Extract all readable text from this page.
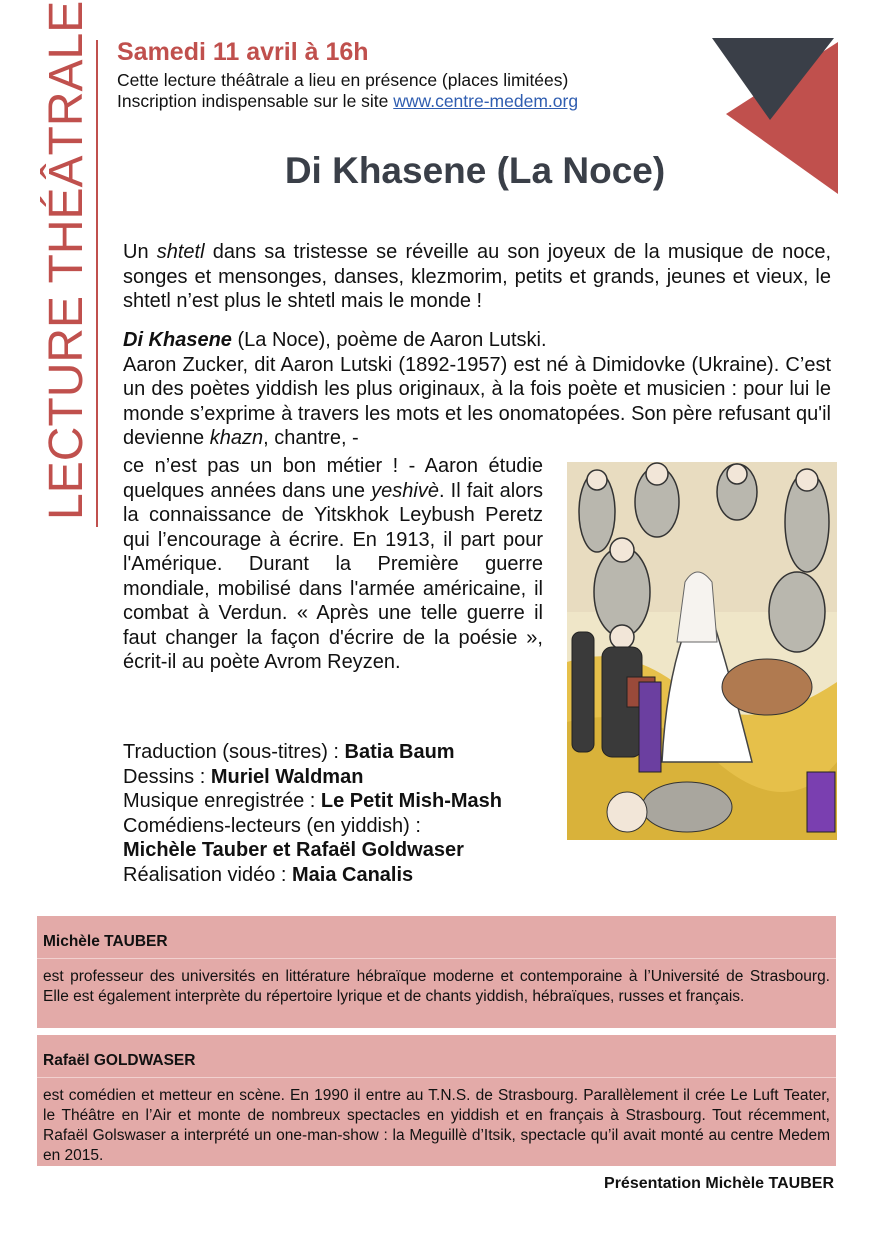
LECTURE THÉÂTRALE Samedi 11 avril à 16h
Cette lecture théâtrale a lieu en présence (places limitées)
Inscription indispensable sur le site www.centre-medem.org
Di Khasene (La Noce)
Un shtetl dans sa tristesse se réveille au son joyeux de la musique de noce, songes et mensonges, danses, klezmorim, petits et grands, jeunes et vieux, le shtetl n’est plus le shtetl mais le monde !
Di Khasene (La Noce), poème de Aaron Lutski.
Aaron Zucker, dit Aaron Lutski (1892-1957) est né à Dimidovke (Ukraine). C’est un des poètes yiddish les plus originaux, à la fois poète et musicien : pour lui le monde s’exprime à travers les mots et les onomatopées. Son père refusant qu'il devienne khazn, chantre, -
ce n’est pas un bon métier ! - Aaron étudie quelques années dans une yeshivè. Il fait alors la connaissance de Yitskhok Leybush Peretz qui l’encourage à écrire. En 1913, il part pour l'Amérique. Durant la Première guerre mondiale, mobilisé dans l'armée américaine, il combat à Verdun. « Après une telle guerre il faut changer la façon d'écrire de la poésie », écrit-il au poète Avrom Reyzen.
Traduction (sous-titres) : Batia Baum
Dessins : Muriel Waldman
Musique enregistrée : Le Petit Mish-Mash
Comédiens-lecteurs (en yiddish) :
Michèle Tauber et Rafaël Goldwaser
Réalisation vidéo : Maia Canalis
Michèle TAUBER
est professeur des universités en littérature hébraïque moderne et contemporaine à l’Université de Strasbourg. Elle est également interprète du répertoire lyrique et de chants yiddish, hébraïques, russes et français.
Rafaël GOLDWASER
est comédien et metteur en scène. En 1990 il entre au T.N.S. de Strasbourg. Parallèlement il crée Le Luft Teater, le Théâtre en l’Air et monte de nombreux spectacles en yiddish et en français à Strasbourg. Tout récemment, Rafaël Golswaser a interprété un one-man-show : la Meguillè d’Itsik, spectacle qu’il avait monté au centre Medem en 2015.
Présentation Michèle TAUBER
